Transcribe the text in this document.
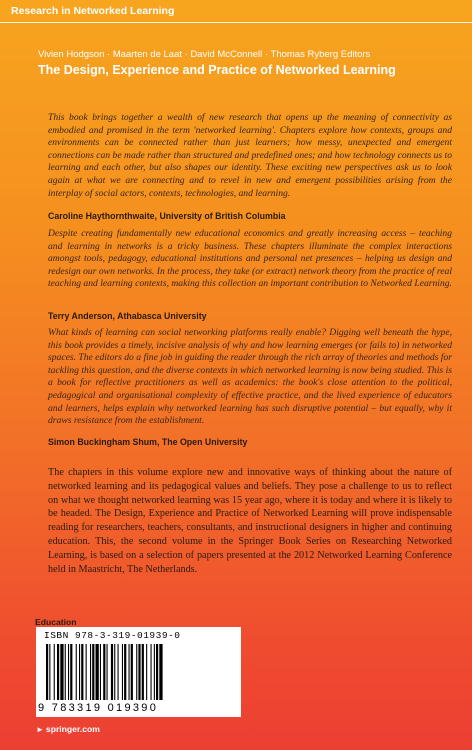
Research in Networked Learning
Vivien Hodgson · Maarten de Laat · David McConnell · Thomas Ryberg Editors
The Design, Experience and Practice of Networked Learning

This book brings together a wealth of new research that opens up the meaning of connectivity as embodied and promised in the term 'networked learning'. Chapters explore how contexts, groups and environments can be connected rather than just learners; how messy, unexpected and emergent connections can be made rather than structured and predefined ones; and how technology connects us to learning and each other, but also shapes our identity. These exciting new perspectives ask us to look again at what we are connecting and to revel in new and emergent possibilities arising from the interplay of social actors, contexts, technologies, and learning.

Caroline Haythornthwaite, University of British Columbia

Despite creating fundamentally new educational economics and greatly increasing access – teaching and learning in networks is a tricky business. These chapters illuminate the complex interactions amongst tools, pedagogy, educational institutions and personal net presences – helping us design and redesign our own networks. In the process, they take (or extract) network theory from the practice of real teaching and learning contexts, making this collection an important contribution to Networked Learning.

Terry Anderson, Athabasca University

What kinds of learning can social networking platforms really enable? Digging well beneath the hype, this book provides a timely, incisive analysis of why and how learning emerges (or fails to) in networked spaces. The editors do a fine job in guiding the reader through the rich array of theories and methods for tackling this question, and the diverse contexts in which networked learning is now being studied. This is a book for reflective practitioners as well as academics: the book's close attention to the political, pedagogical and organisational complexity of effective practice, and the lived experience of educators and learners, helps explain why networked learning has such disruptive potential – but equally, why it draws resistance from the establishment.

Simon Buckingham Shum, The Open University

The chapters in this volume explore new and innovative ways of thinking about the nature of networked learning and its pedagogical values and beliefs. They pose a challenge to us to reflect on what we thought networked learning was 15 year ago, where it is today and where it is likely to be headed. The Design, Experience and Practice of Networked Learning will prove indispensable reading for researchers, teachers, consultants, and instructional designers in higher and continuing education. This, the second volume in the Springer Book Series on Researching Networked Learning, is based on a selection of papers presented at the 2012 Networked Learning Conference held in Maastricht, The Netherlands.

Education
ISBN 978-3-319-01939-0
9 783319 019390
► springer.com
